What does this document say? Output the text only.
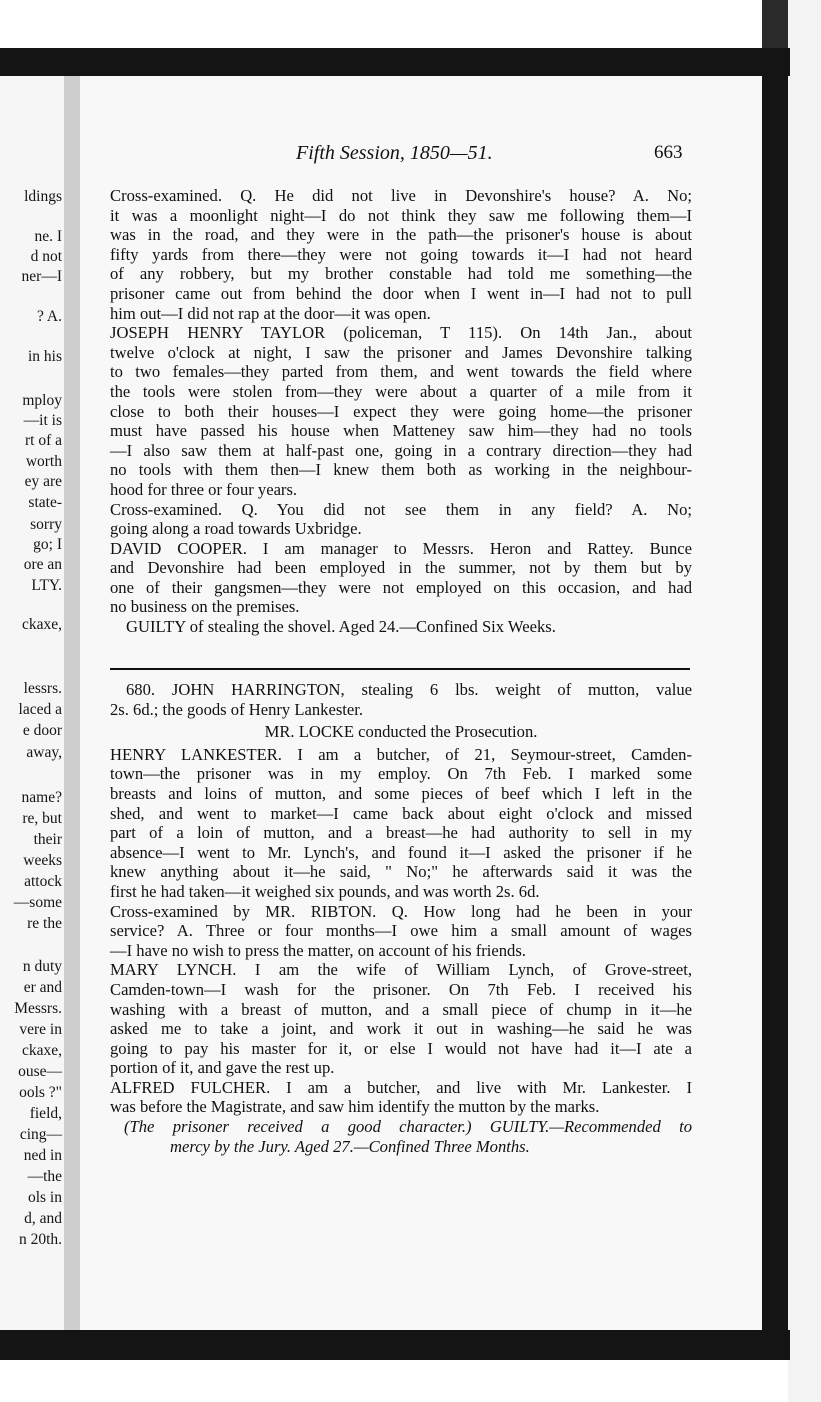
ldings
ne. I
d not
ner—I
? A.
in his
mploy
—it is
rt of a
worth
ey are
state-
sorry
go; I
ore an
LTY.
ckaxe,
lessrs.
laced a
e door
away,
name?
re, but
their
weeks
attock
—some
re the
n duty
er and
Messrs.
vere in
ckaxe,
ouse—
ools ?"
field,
cing—
ned in
—the
ols in
d, and
n 20th.
Fifth Session, 1850—51.	663
Cross-examined. Q. He did not live in Devonshire's house? A. No;
it was a moonlight night—I do not think they saw me following them—I
was in the road, and they were in the path—the prisoner's house is about
fifty yards from there—they were not going towards it—I had not heard
of any robbery, but my brother constable had told me something—the
prisoner came out from behind the door when I went in—I had not to pull
him out—I did not rap at the door—it was open.
JOSEPH HENRY TAYLOR (policeman, T 115). On 14th Jan., about
twelve o'clock at night, I saw the prisoner and James Devonshire talking
to two females—they parted from them, and went towards the field where
the tools were stolen from—they were about a quarter of a mile from it
close to both their houses—I expect they were going home—the prisoner
must have passed his house when Matteney saw him—they had no tools
—I also saw them at half-past one, going in a contrary direction—they had
no tools with them then—I knew them both as working in the neighbour-
hood for three or four years.
Cross-examined. Q. You did not see them in any field? A. No;
going along a road towards Uxbridge.
DAVID COOPER. I am manager to Messrs. Heron and Rattey. Bunce
and Devonshire had been employed in the summer, not by them but by
one of their gangsmen—they were not employed on this occasion, and had
no business on the premises.
GUILTY of stealing the shovel. Aged 24.—Confined Six Weeks.
680. JOHN HARRINGTON, stealing 6 lbs. weight of mutton, value
2s. 6d.; the goods of Henry Lankester.
MR. LOCKE conducted the Prosecution.
HENRY LANKESTER. I am a butcher, of 21, Seymour-street, Camden-
town—the prisoner was in my employ. On 7th Feb. I marked some
breasts and loins of mutton, and some pieces of beef which I left in the
shed, and went to market—I came back about eight o'clock and missed
part of a loin of mutton, and a breast—he had authority to sell in my
absence—I went to Mr. Lynch's, and found it—I asked the prisoner if he
knew anything about it—he said, " No;" he afterwards said it was the
first he had taken—it weighed six pounds, and was worth 2s. 6d.
Cross-examined by MR. RIBTON. Q. How long had he been in your
service? A. Three or four months—I owe him a small amount of wages
—I have no wish to press the matter, on account of his friends.
MARY LYNCH. I am the wife of William Lynch, of Grove-street,
Camden-town—I wash for the prisoner. On 7th Feb. I received his
washing with a breast of mutton, and a small piece of chump in it—he
asked me to take a joint, and work it out in washing—he said he was
going to pay his master for it, or else I would not have had it—I ate a
portion of it, and gave the rest up.
ALFRED FULCHER. I am a butcher, and live with Mr. Lankester. I
was before the Magistrate, and saw him identify the mutton by the marks.
(The prisoner received a good character.) GUILTY.—Recommended to
mercy by the Jury. Aged 27.—Confined Three Months.
